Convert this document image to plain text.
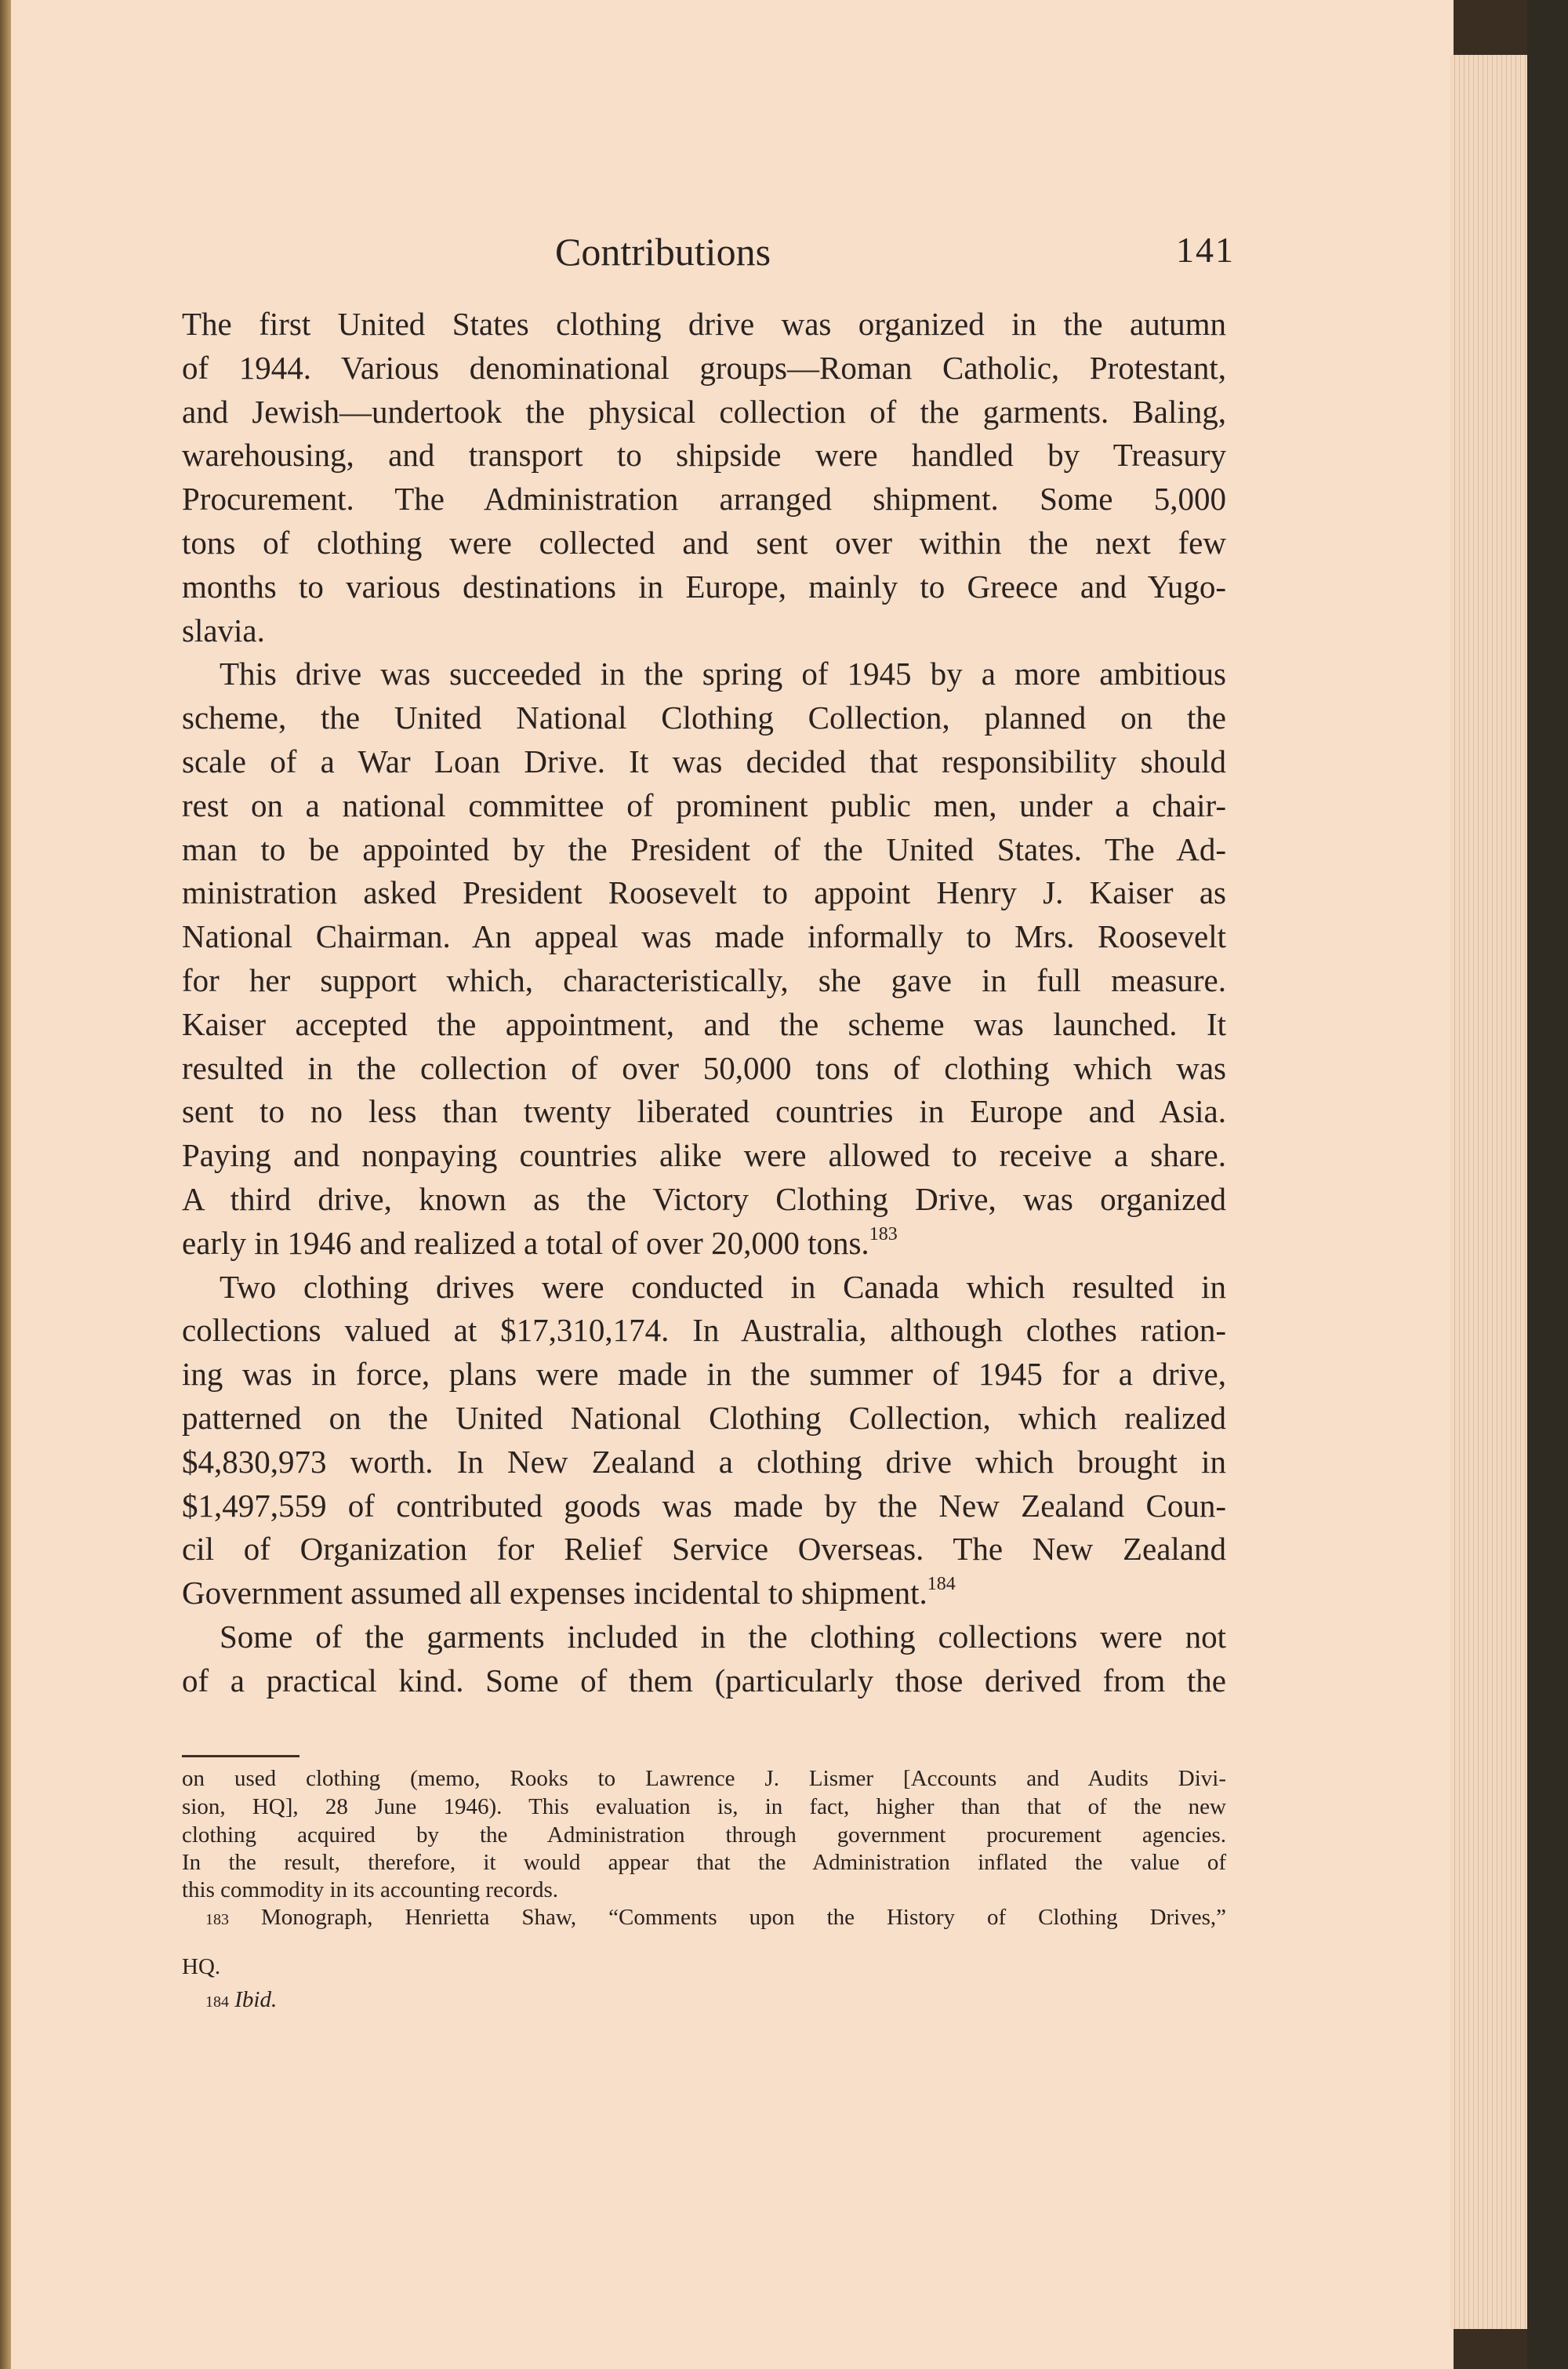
Contributions	141
The first United States clothing drive was organized in the autumn
of 1944. Various denominational groups—Roman Catholic, Protestant,
and Jewish—undertook the physical collection of the garments. Baling,
warehousing, and transport to shipside were handled by Treasury
Procurement. The Administration arranged shipment. Some 5,000
tons of clothing were collected and sent over within the next few
months to various destinations in Europe, mainly to Greece and Yugo-
slavia.
This drive was succeeded in the spring of 1945 by a more ambitious
scheme, the United National Clothing Collection, planned on the
scale of a War Loan Drive. It was decided that responsibility should
rest on a national committee of prominent public men, under a chair-
man to be appointed by the President of the United States. The Ad-
ministration asked President Roosevelt to appoint Henry J. Kaiser as
National Chairman. An appeal was made informally to Mrs. Roosevelt
for her support which, characteristically, she gave in full measure.
Kaiser accepted the appointment, and the scheme was launched. It
resulted in the collection of over 50,000 tons of clothing which was
sent to no less than twenty liberated countries in Europe and Asia.
Paying and nonpaying countries alike were allowed to receive a share.
A third drive, known as the Victory Clothing Drive, was organized
early in 1946 and realized a total of over 20,000 tons.$^{183}$
Two clothing drives were conducted in Canada which resulted in
collections valued at $17,310,174. In Australia, although clothes ration-
ing was in force, plans were made in the summer of 1945 for a drive,
patterned on the United National Clothing Collection, which realized
$4,830,973 worth. In New Zealand a clothing drive which brought in
$1,497,559 of contributed goods was made by the New Zealand Coun-
cil of Organization for Relief Service Overseas. The New Zealand
Government assumed all expenses incidental to shipment.$^{184}$
Some of the garments included in the clothing collections were not
of a practical kind. Some of them (particularly those derived from the
on used clothing (memo, Rooks to Lawrence J. Lismer [Accounts and Audits Divi-
sion, HQ], 28 June 1946). This evaluation is, in fact, higher than that of the new
clothing acquired by the Administration through government procurement agencies.
In the result, therefore, it would appear that the Administration inflated the value of
this commodity in its accounting records.
183 Monograph, Henrietta Shaw, “Comments upon the History of Clothing Drives,”
HQ.
184 Ibid.
